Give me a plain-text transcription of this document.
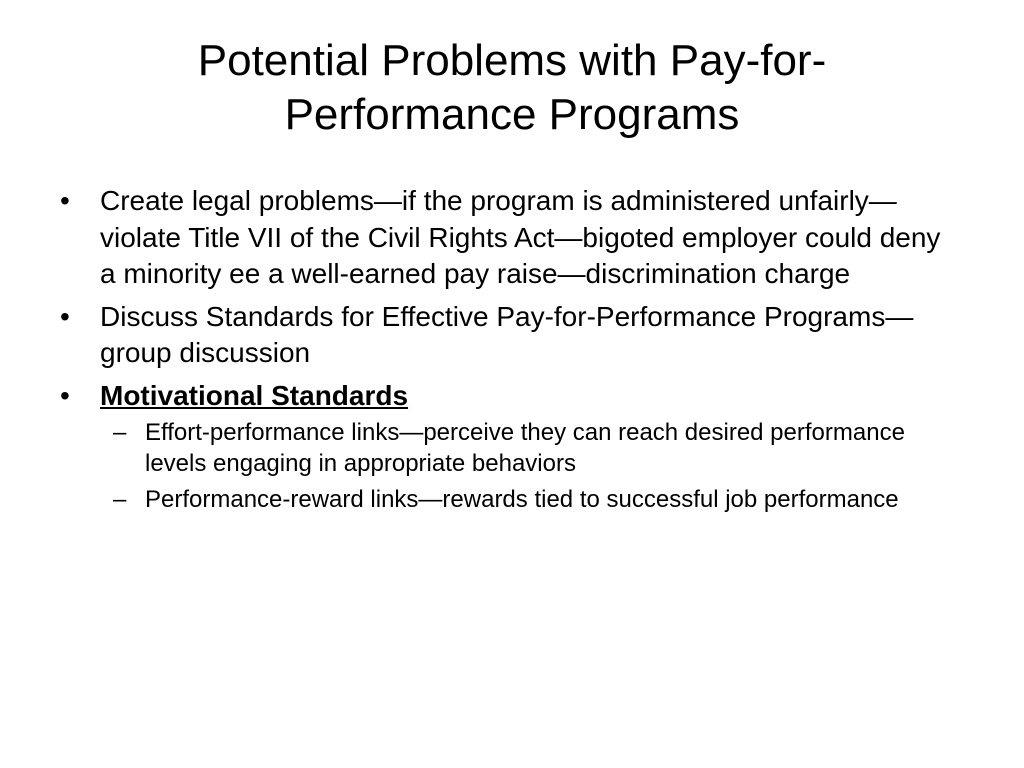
Potential Problems with Pay-for-
Performance Programs
•	Create legal problems—if the program is administered unfairly—violate Title VII of the Civil Rights Act—bigoted employer could deny a minority ee a well-earned pay raise—discrimination charge
•	Discuss Standards for Effective Pay-for-Performance Programs—group discussion
•	Motivational Standards
– Effort-performance links—perceive they can reach desired performance levels engaging in appropriate behaviors
– Performance-reward links—rewards tied to successful job performance
